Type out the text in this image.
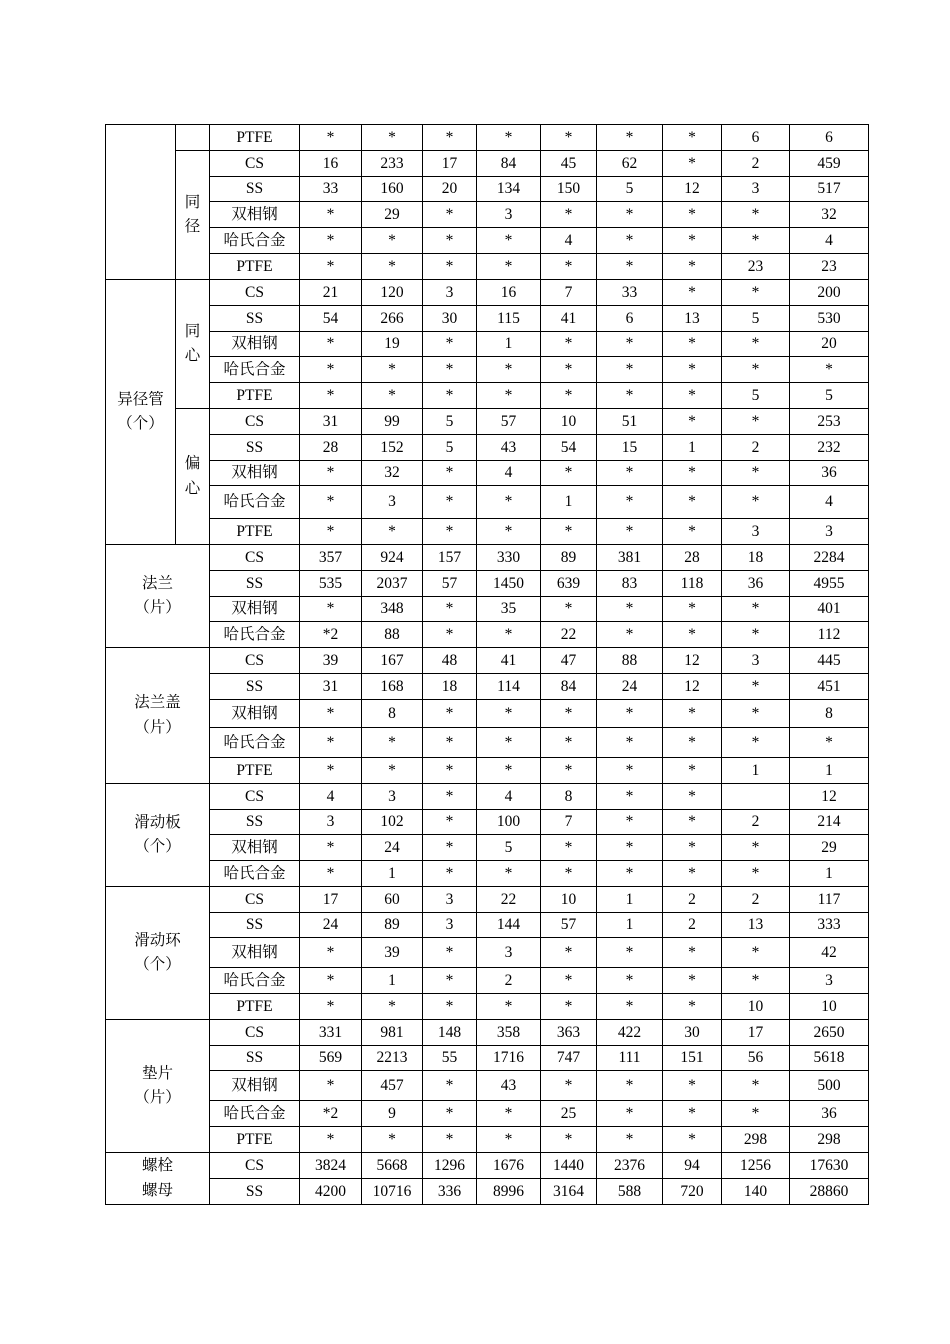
		PTFE	*	*	*	*	*	*	*	6	6
	同径	CS	16	233	17	84	45	62	*	2	459
		SS	33	160	20	134	150	5	12	3	517
		双相钢	*	29	*	3	*	*	*	*	32
		哈氏合金	*	*	*	*	4	*	*	*	4
		PTFE	*	*	*	*	*	*	*	23	23
异径管（个）	同心	CS	21	120	3	16	7	33	*	*	200
		SS	54	266	30	115	41	6	13	5	530
		双相钢	*	19	*	1	*	*	*	*	20
		哈氏合金	*	*	*	*	*	*	*	*	*
		PTFE	*	*	*	*	*	*	*	5	5
	偏心	CS	31	99	5	57	10	51	*	*	253
		SS	28	152	5	43	54	15	1	2	232
		双相钢	*	32	*	4	*	*	*	*	36
		哈氏合金	*	3	*	*	1	*	*	*	4
		PTFE	*	*	*	*	*	*	*	3	3
法兰
（片）		CS	357	924	157	330	89	381	28	18	2284
		SS	535	2037	57	1450	639	83	118	36	4955
		双相钢	*	348	*	35	*	*	*	*	401
		哈氏合金	*2	88	*	*	22	*	*	*	112
法兰盖
（片）		CS	39	167	48	41	47	88	12	3	445
		SS	31	168	18	114	84	24	12	*	451
		双相钢	*	8	*	*	*	*	*	*	8
		哈氏合金	*	*	*	*	*	*	*	*	*
		PTFE	*	*	*	*	*	*	*	1	1
滑动板
（个）		CS	4	3	*	4	8	*	*		12
		SS	3	102	*	100	7	*	*	2	214
		双相钢	*	24	*	5	*	*	*	*	29
		哈氏合金	*	1	*	*	*	*	*	*	1
滑动环
（个）		CS	17	60	3	22	10	1	2	2	117
		SS	24	89	3	144	57	1	2	13	333
		双相钢	*	39	*	3	*	*	*	*	42
		哈氏合金	*	1	*	2	*	*	*	*	3
		PTFE	*	*	*	*	*	*	*	10	10
垫片
（片）		CS	331	981	148	358	363	422	30	17	2650
		SS	569	2213	55	1716	747	111	151	56	5618
		双相钢	*	457	*	43	*	*	*	*	500
		哈氏合金	*2	9	*	*	25	*	*	*	36
		PTFE	*	*	*	*	*	*	*	298	298
螺栓
螺母		CS	3824	5668	1296	1676	1440	2376	94	1256	17630
		SS	4200	10716	336	8996	3164	588	720	140	28860
